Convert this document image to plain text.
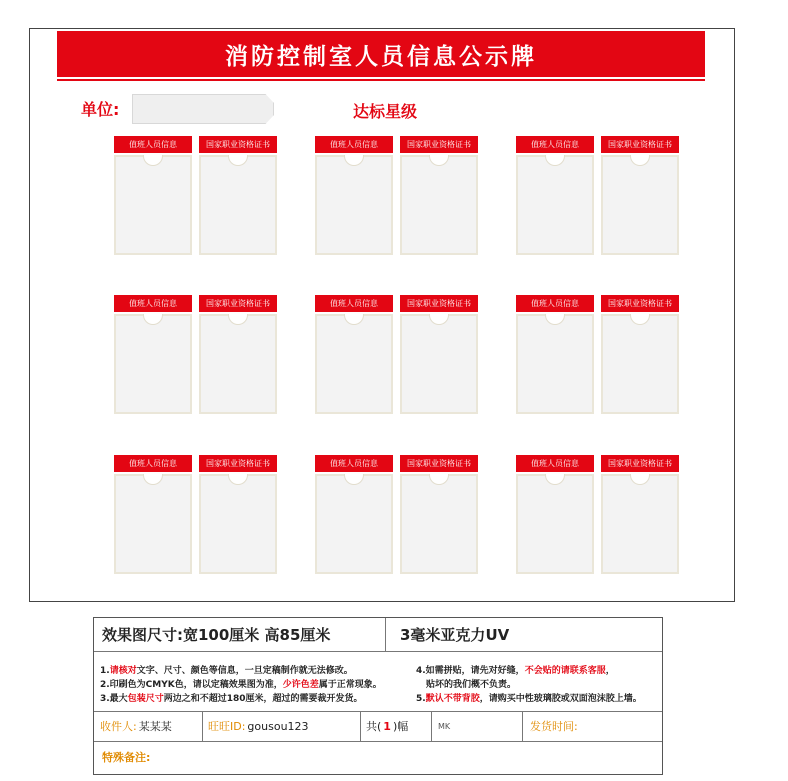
消防控制室人员信息公示牌
单位:	达标星级
值班人员信息	国家职业资格证书	值班人员信息	国家职业资格证书	值班人员信息	国家职业资格证书
值班人员信息	国家职业资格证书	值班人员信息	国家职业资格证书	值班人员信息	国家职业资格证书
值班人员信息	国家职业资格证书	值班人员信息	国家职业资格证书	值班人员信息	国家职业资格证书
效果图尺寸:宽100厘米 高85厘米	3毫米亚克力UV
1.请核对文字、尺寸、颜色等信息，一旦定稿制作就无法修改。
2.印刷色为CMYK色，请以定稿效果图为准，少许色差属于正常现象。
3.最大包装尺寸两边之和不超过180厘米，超过的需要裁开发货。
4.如需拼贴，请先对好缝，不会贴的请联系客服，
贴坏的我们概不负责。
5.默认不带背胶，请购买中性玻璃胶或双面泡沫胶上墙。
收件人: 某某某	旺旺ID: gousou123	共( 1 )幅	MK	发货时间:
特殊备注:
